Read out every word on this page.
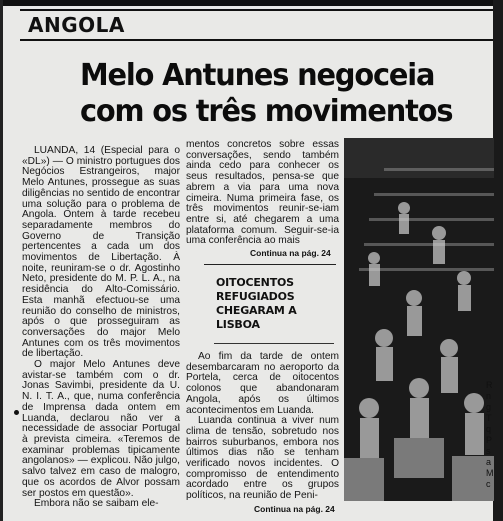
ANGOLA
Melo Antunes negoceia
com os três movimentos

LUANDA, 14 (Especial para o «DL») — O ministro portugues dos Negócios Estrangeiros, major Melo Antunes, prossegue as suas diligências no sentido de encontrar uma solução para o problema de Angola. Ontem à tarde recebeu separadamente membros do Governo de Transição pertencentes a cada um dos movimentos de Libertação. À noite, reuniram-se o dr. Agostinho Neto, presidente do M. P. L. A., na residência do Alto-Comissário. Esta manhã efectuou-se uma reunião do conselho de ministros, após o que prosseguiram as conversações do major Melo Antunes com os três movimentos de libertação.

O major Melo Antunes deve avistar-se também com o dr. Jonas Savimbi, presidente da U. N. I. T. A., que, numa conferência de Imprensa dada ontem em Luanda, declarou não ver a necessidade de associar Portugal à prevista cimeira. «Teremos de examinar problemas tipicamente angolanos» — explicou. Não julgo, salvo talvez em caso de malogro, que os acordos de Alvor possam ser postos em questão».

Embora não se saibam ele-

mentos concretos sobre essas conversações, sendo também ainda cedo para conhecer os seus resultados, pensa-se que abrem a via para uma nova cimeira. Numa primeira fase, os três movimentos reunir-se-iam entre si, até chegarem a uma plataforma comum. Seguir-se-ia uma conferência ao mais

Continua na pág. 24
OITOCENTOS REFUGIADOS CHEGARAM A LISBOA

Ao fim da tarde de ontem desembarcaram no aeroporto da Portela, cerca de oitocentos colonos que abandonaram Angola, após os últimos acontecimentos em Luanda.

Luanda continua a viver num clima de tensão, sobretudo nos bairros suburbanos, embora nos últimos dias não se tenham verificado novos incidentes. O compromisso de entendimento acordado entre os grupos políticos, na reunião de Peni-

Continua na pág. 24
R n g T q P s a M c
